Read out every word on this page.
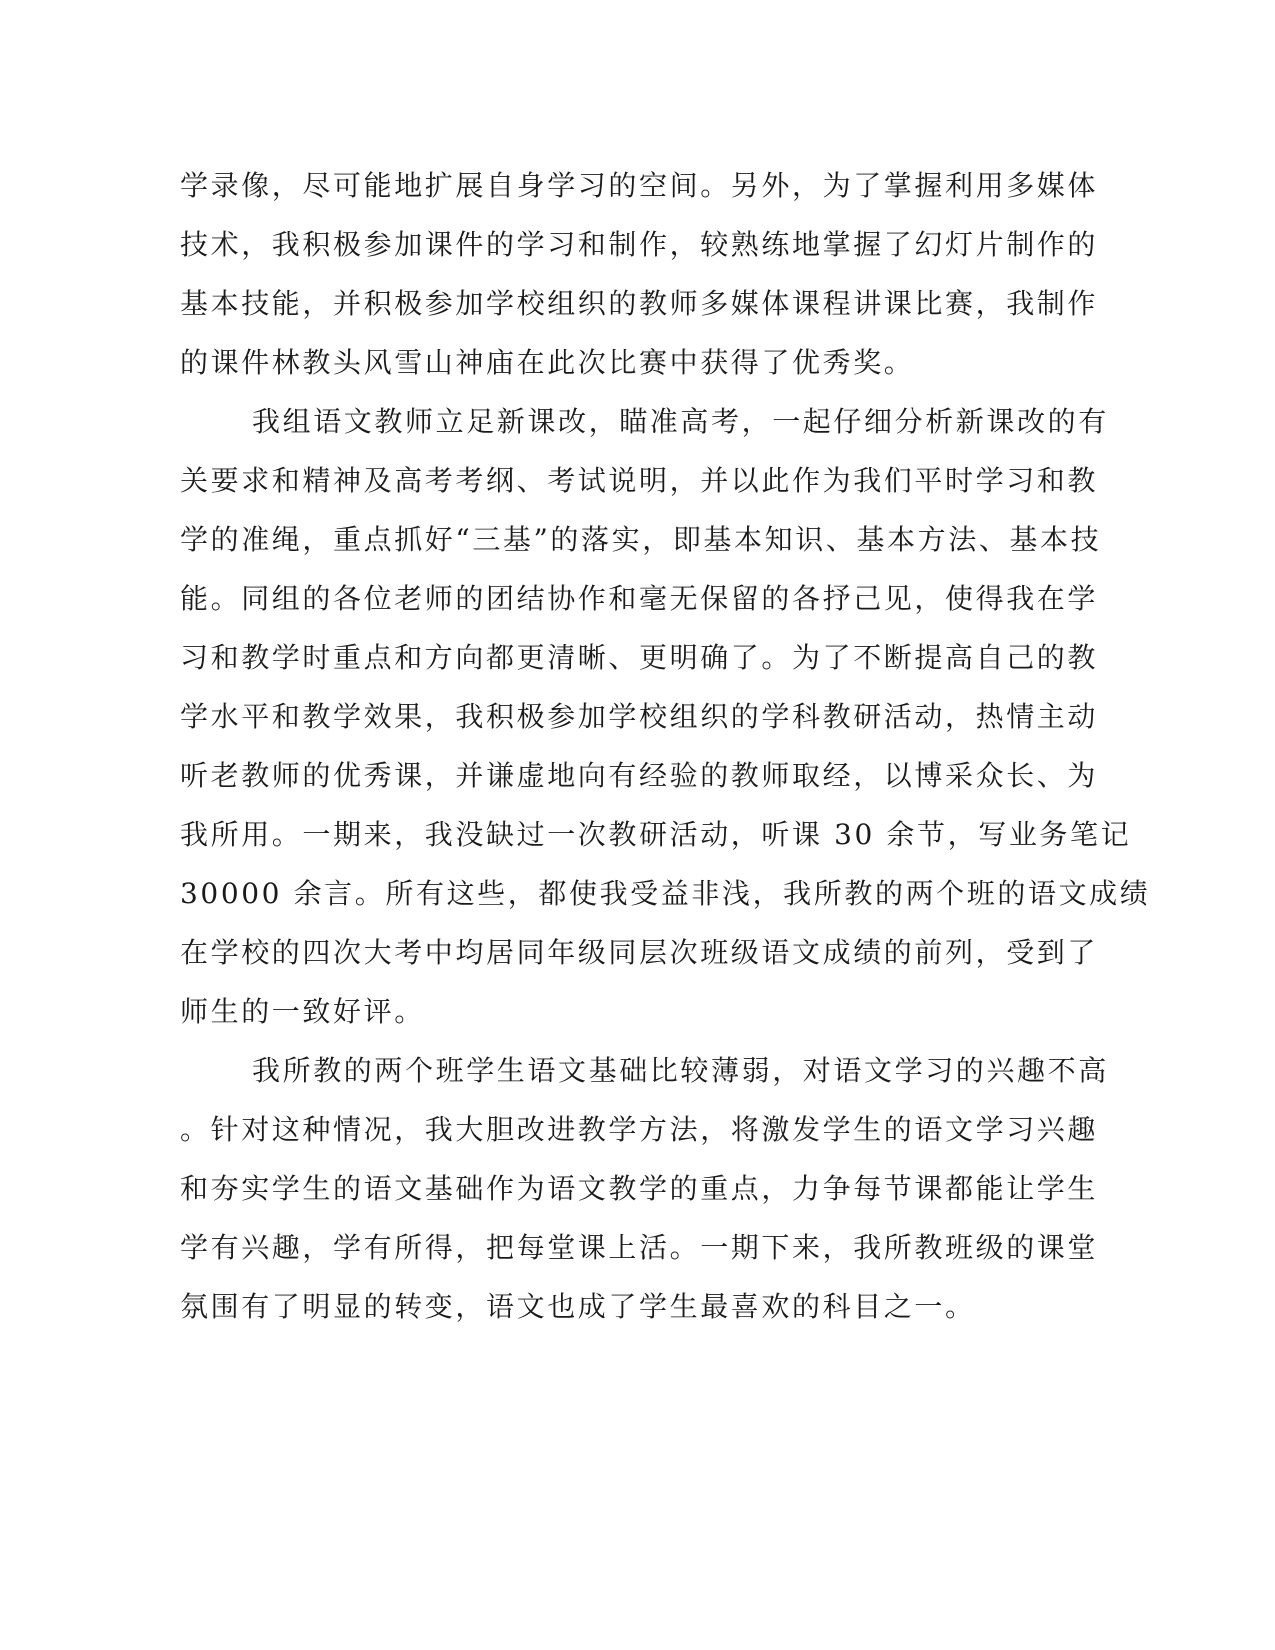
学录像，尽可能地扩展自身学习的空间。另外，为了掌握利用多媒体
技术，我积极参加课件的学习和制作，较熟练地掌握了幻灯片制作的
基本技能，并积极参加学校组织的教师多媒体课程讲课比赛，我制作
的课件林教头风雪山神庙在此次比赛中获得了优秀奖。
我组语文教师立足新课改，瞄准高考，一起仔细分析新课改的有
关要求和精神及高考考纲、考试说明，并以此作为我们平时学习和教
学的准绳，重点抓好“三基”的落实，即基本知识、基本方法、基本技
能。同组的各位老师的团结协作和毫无保留的各抒己见，使得我在学
习和教学时重点和方向都更清晰、更明确了。为了不断提高自己的教
学水平和教学效果，我积极参加学校组织的学科教研活动，热情主动
听老教师的优秀课，并谦虚地向有经验的教师取经，以博采众长、为
我所用。一期来，我没缺过一次教研活动，听课 30 余节，写业务笔记
30000 余言。所有这些，都使我受益非浅，我所教的两个班的语文成绩
在学校的四次大考中均居同年级同层次班级语文成绩的前列，受到了
师生的一致好评。
我所教的两个班学生语文基础比较薄弱，对语文学习的兴趣不高
。针对这种情况，我大胆改进教学方法，将激发学生的语文学习兴趣
和夯实学生的语文基础作为语文教学的重点，力争每节课都能让学生
学有兴趣，学有所得，把每堂课上活。一期下来，我所教班级的课堂
氛围有了明显的转变，语文也成了学生最喜欢的科目之一。
